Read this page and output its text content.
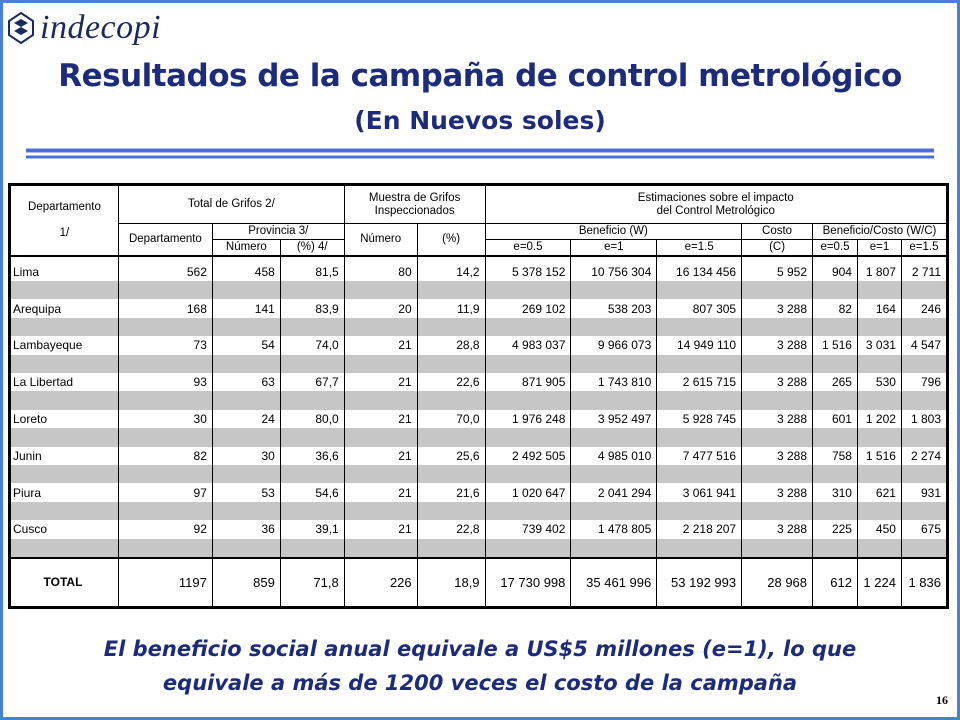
indecopi
Resultados de la campaña de control metrológico
(En Nuevos soles)
Departamento

1/	Total de Grifos 2/			Muestra de Grifos
Inspeccionados		Estimaciones sobre el impacto
del Control Metrológico						
	Departamento	Provincia 3/		Número	(%)	Beneficio (W)			Costo	Beneficio/Costo (W/C)		
		Número	(%) 4/			e=0.5	e=1	e=1.5	(C)	e=0.5	e=1	e=1.5

Lima	562	458	81,5	80	14,2	5 378 152	10 756 304	16 134 456	5 952	904	1 807	2 711

Arequipa	168	141	83,9	20	11,9	269 102	538 203	807 305	3 288	82	164	246

Lambayeque	73	54	74,0	21	28,8	4 983 037	9 966 073	14 949 110	3 288	1 516	3 031	4 547

La Libertad	93	63	67,7	21	22,6	871 905	1 743 810	2 615 715	3 288	265	530	796

Loreto	30	24	80,0	21	70,0	1 976 248	3 952 497	5 928 745	3 288	601	1 202	1 803

Junin	82	30	36,6	21	25,6	2 492 505	4 985 010	7 477 516	3 288	758	1 516	2 274

Piura	97	53	54,6	21	21,6	1 020 647	2 041 294	3 061 941	3 288	310	621	931

Cusco	92	36	39,1	21	22,8	739 402	1 478 805	2 218 207	3 288	225	450	675

TOTAL	1197	859	71,8	226	18,9	17 730 998	35 461 996	53 192 993	28 968	612	1 224	1 836
El beneficio social anual equivale a US$5 millones (e=1), lo que
equivale a más de 1200 veces el costo de la campaña
16
